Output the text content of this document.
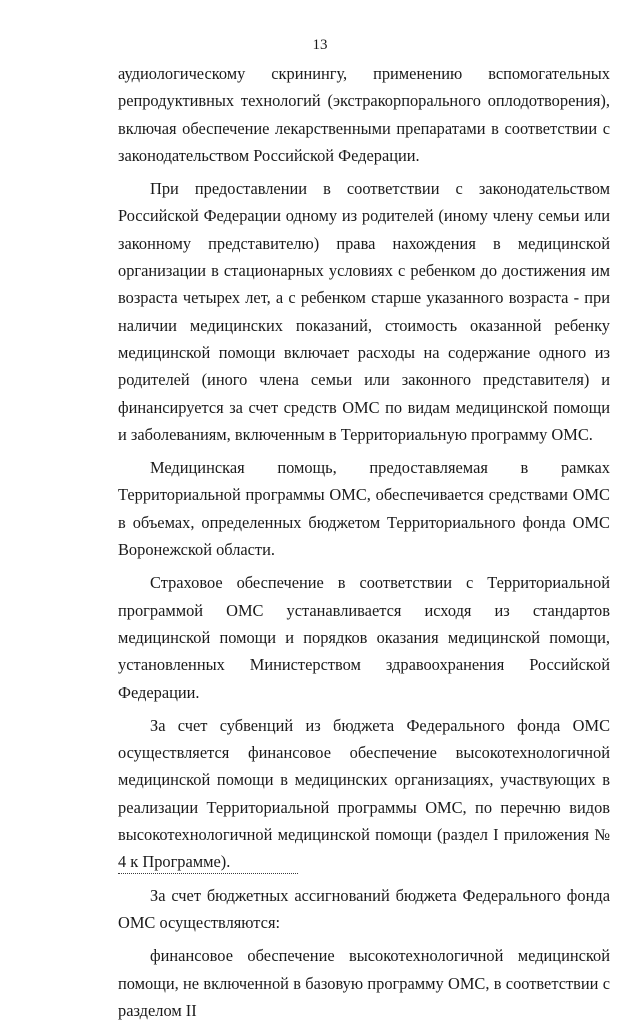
13

аудиологическому скринингу, применению вспомогательных репродуктивных технологий (экстракорпорального оплодотворения), включая обеспечение лекарственными препаратами в соответствии с законодательством Российской Федерации.

При предоставлении в соответствии с законодательством Российской Федерации одному из родителей (иному члену семьи или законному представителю) права нахождения в медицинской организации в стационарных условиях с ребенком до достижения им возраста четырех лет, а с ребенком старше указанного возраста - при наличии медицинских показаний, стоимость оказанной ребенку медицинской помощи включает расходы на содержание одного из родителей (иного члена семьи или законного представителя) и финансируется за счет средств ОМС по видам медицинской помощи и заболеваниям, включенным в Территориальную программу ОМС.

Медицинская помощь, предоставляемая в рамках Территориальной программы ОМС, обеспечивается средствами ОМС в объемах, определенных бюджетом Территориального фонда ОМС Воронежской области.

Страховое обеспечение в соответствии с Территориальной программой ОМС устанавливается исходя из стандартов медицинской помощи и порядков оказания медицинской помощи, установленных Министерством здравоохранения Российской Федерации.

За счет субвенций из бюджета Федерального фонда ОМС осуществляется финансовое обеспечение высокотехнологичной медицинской помощи в медицинских организациях, участвующих в реализации Территориальной программы ОМС, по перечню видов высокотехнологичной медицинской помощи (раздел I приложения № 4 к Программе).

За счет бюджетных ассигнований бюджета Федерального фонда ОМС осуществляются:

финансовое обеспечение высокотехнологичной медицинской помощи, не включенной в базовую программу ОМС, в соответствии с разделом II
